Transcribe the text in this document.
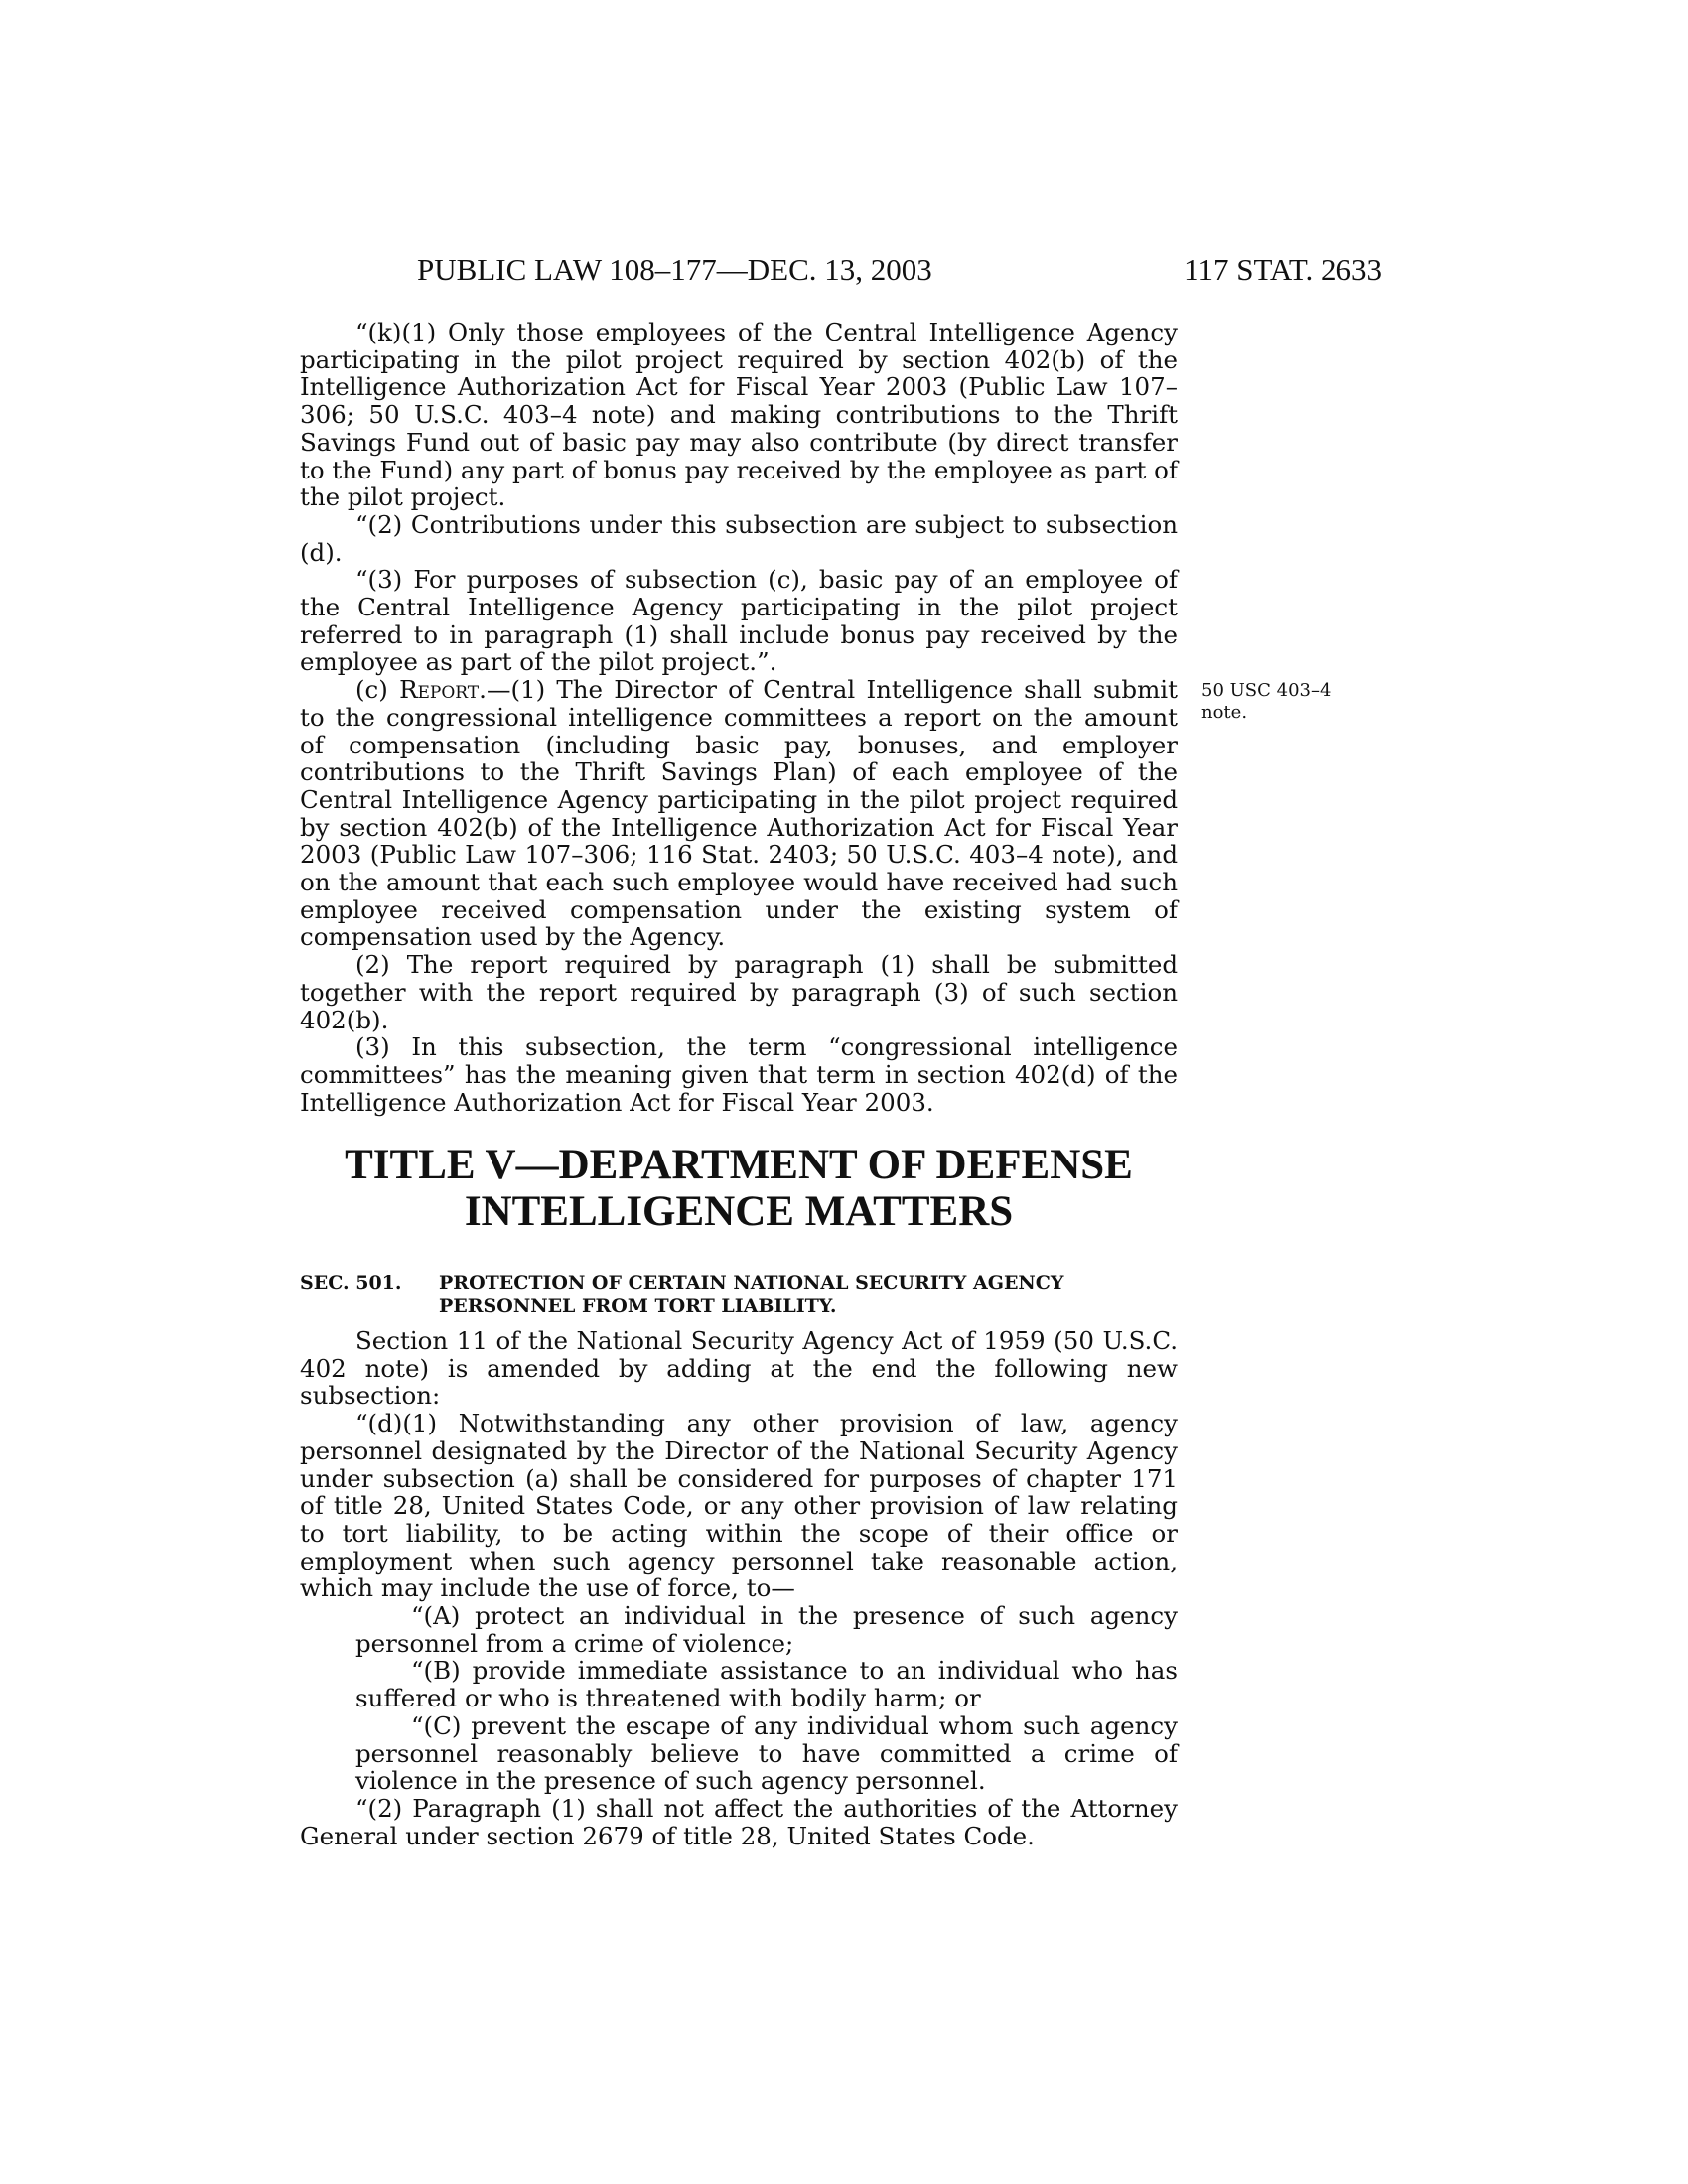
PUBLIC LAW 108–177—DEC. 13, 2003	117 STAT. 2633

“(k)(1) Only those employees of the Central Intelligence Agency participating in the pilot project required by section 402(b) of the Intelligence Authorization Act for Fiscal Year 2003 (Public Law 107–306; 50 U.S.C. 403–4 note) and making contributions to the Thrift Savings Fund out of basic pay may also contribute (by direct transfer to the Fund) any part of bonus pay received by the employee as part of the pilot project.

“(2) Contributions under this subsection are subject to subsection (d).

“(3) For purposes of subsection (c), basic pay of an employee of the Central Intelligence Agency participating in the pilot project referred to in paragraph (1) shall include bonus pay received by the employee as part of the pilot project.”.

(c) Report.—(1) The Director of Central Intelligence shall submit to the congressional intelligence committees a report on the amount of compensation (including basic pay, bonuses, and employer contributions to the Thrift Savings Plan) of each employee of the Central Intelligence Agency participating in the pilot project required by section 402(b) of the Intelligence Authorization Act for Fiscal Year 2003 (Public Law 107–306; 116 Stat. 2403; 50 U.S.C. 403–4 note), and on the amount that each such employee would have received had such employee received compensation under the existing system of compensation used by the Agency.

(2) The report required by paragraph (1) shall be submitted together with the report required by paragraph (3) of such section 402(b).

(3) In this subsection, the term “congressional intelligence committees” has the meaning given that term in section 402(d) of the Intelligence Authorization Act for Fiscal Year 2003.

50 USC 403–4 note.
TITLE V—DEPARTMENT OF DEFENSE
INTELLIGENCE MATTERS
SEC. 501. PROTECTION OF CERTAIN NATIONAL SECURITY AGENCY PERSONNEL FROM TORT LIABILITY.

Section 11 of the National Security Agency Act of 1959 (50 U.S.C. 402 note) is amended by adding at the end the following new subsection:

“(d)(1) Notwithstanding any other provision of law, agency personnel designated by the Director of the National Security Agency under subsection (a) shall be considered for purposes of chapter 171 of title 28, United States Code, or any other provision of law relating to tort liability, to be acting within the scope of their office or employment when such agency personnel take reasonable action, which may include the use of force, to—

“(A) protect an individual in the presence of such agency personnel from a crime of violence;

“(B) provide immediate assistance to an individual who has suffered or who is threatened with bodily harm; or

“(C) prevent the escape of any individual whom such agency personnel reasonably believe to have committed a crime of violence in the presence of such agency personnel.

“(2) Paragraph (1) shall not affect the authorities of the Attorney General under section 2679 of title 28, United States Code.
